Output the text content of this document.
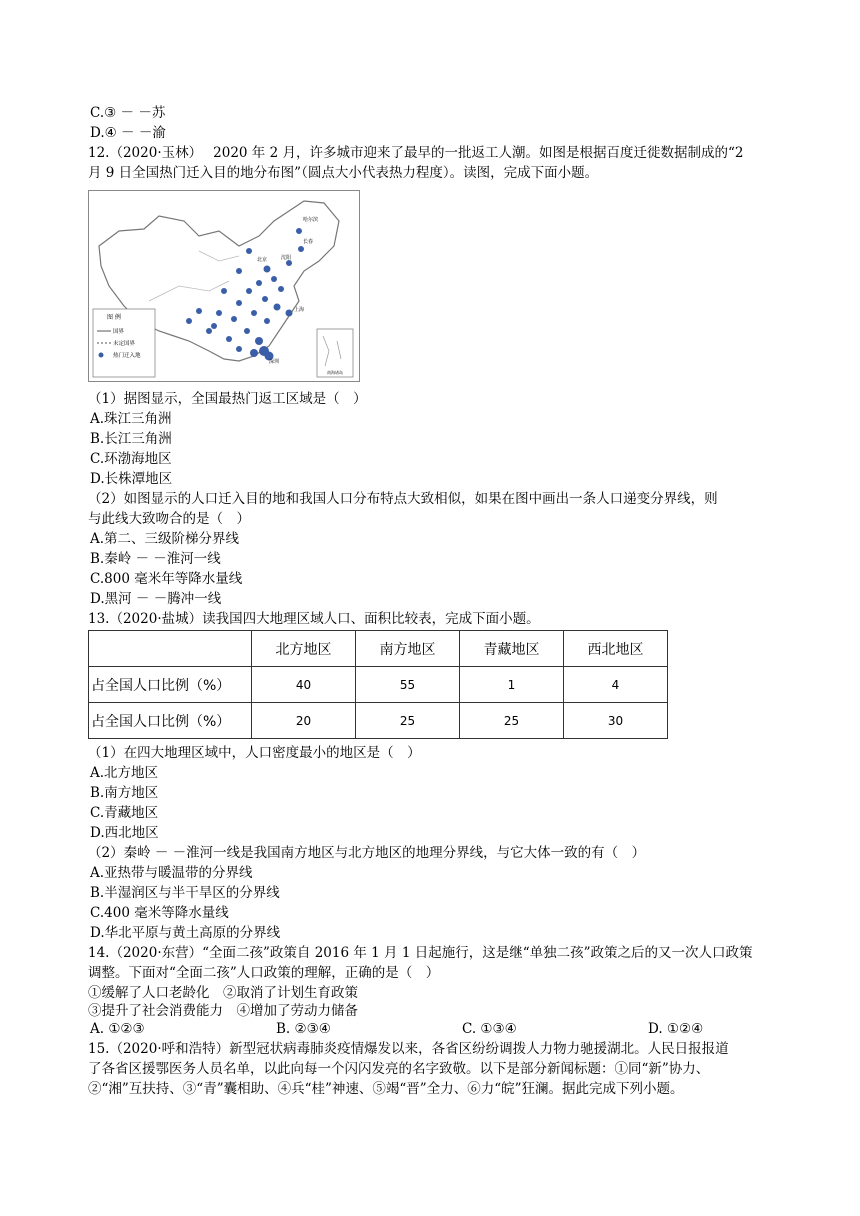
C.③ － －苏
D.④ － －渝
12.（2020·玉林）　 2020 年 2 月，许多城市迎来了最早的一批返工人潮。如图是根据百度迁徙数据制成的“2
月 9 日全国热门迁入目的地分布图”（圆点大小代表热力程度）。读图，完成下面小题。
图 例
国界
未定国界
热门迁入地
南海诸岛
哈尔滨
长春
北京	沈阳
上海
深圳
（1）据图显示，全国最热门返工区域是（　）
A.珠江三角洲
B.长江三角洲
C.环渤海地区
D.长株潭地区
（2）如图显示的人口迁入目的地和我国人口分布特点大致相似，如果在图中画出一条人口递变分界线，则
与此线大致吻合的是（　）
A.第二、三级阶梯分界线
B.秦岭 － －淮河一线
C.800 毫米年等降水量线
D.黑河 － －腾冲一线
13.（2020·盐城）读我国四大地理区域人口、面积比较表，完成下面小题。
	北方地区	南方地区	青藏地区	西北地区
占全国人口比例（%）	40	55	1	4
占全国人口比例（%）	20	25	25	30
（1）在四大地理区域中，人口密度最小的地区是（　）
A.北方地区
B.南方地区
C.青藏地区
D.西北地区
（2）秦岭 － －淮河一线是我国南方地区与北方地区的地理分界线，与它大体一致的有（　）
A.亚热带与暖温带的分界线
B.半湿润区与半干旱区的分界线
C.400 毫米等降水量线
D.华北平原与黄土高原的分界线
14.（2020·东营）“全面二孩”政策自 2016 年 1 月 1 日起施行，这是继“单独二孩”政策之后的又一次人口政策
调整。下面对“全面二孩”人口政策的理解，正确的是（　）
①缓解了人口老龄化　②取消了计划生育政策
③提升了社会消费能力　④增加了劳动力储备
A. ①②③	B. ②③④	C. ①③④	D. ①②④
15.（2020·呼和浩特）新型冠状病毒肺炎疫情爆发以来，各省区纷纷调拨人力物力驰援湖北。人民日报报道
了各省区援鄂医务人员名单，以此向每一个闪闪发亮的名字致敬。以下是部分新闻标题：①同“新”协力、
②“湘”互扶持、③“青”囊相助、④兵“桂”神速、⑤竭“晋”全力、⑥力“皖”狂澜。据此完成下列小题。
